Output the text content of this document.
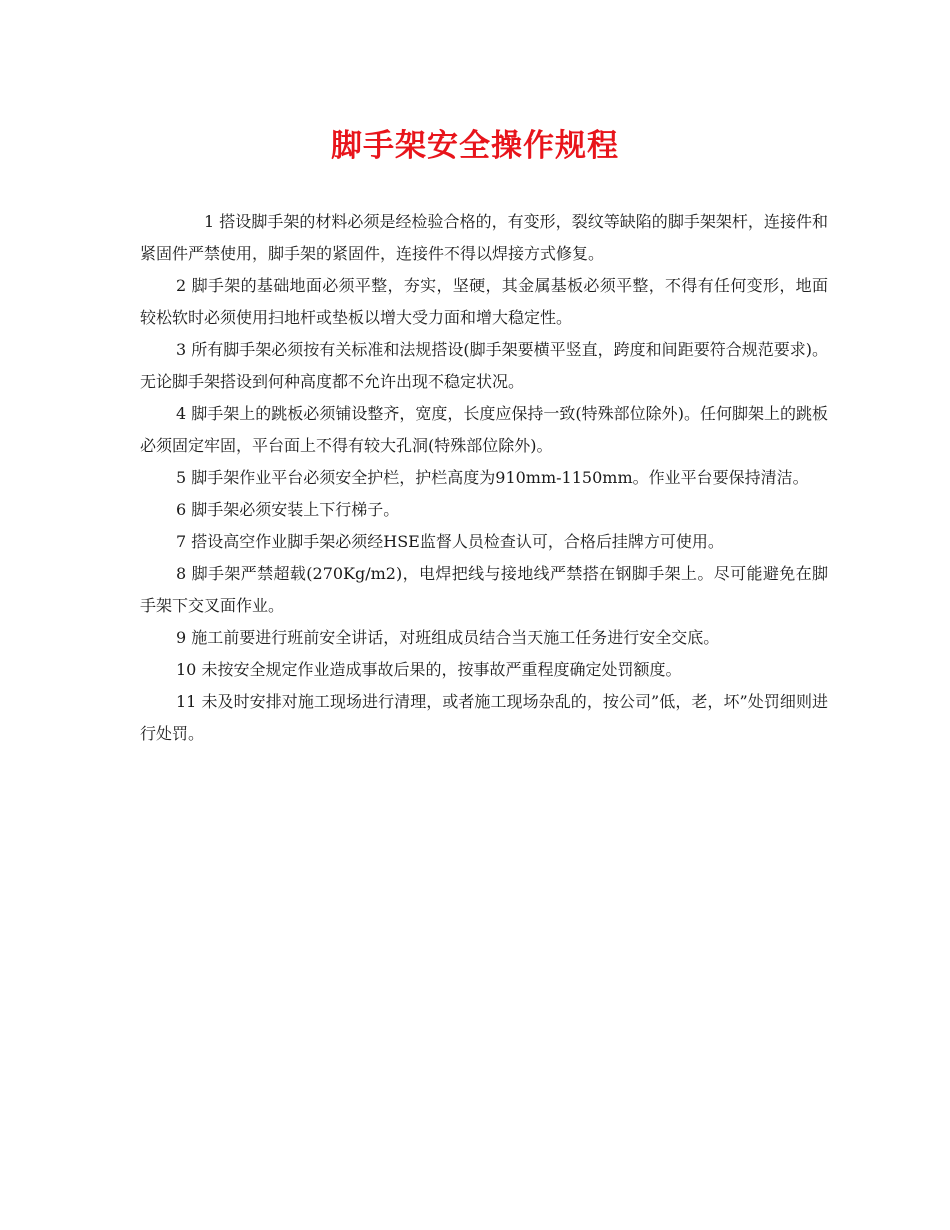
脚手架安全操作规程

1 搭设脚手架的材料必须是经检验合格的，有变形，裂纹等缺陷的脚手架架杆，连接件和紧固件严禁使用，脚手架的紧固件，连接件不得以焊接方式修复。

2 脚手架的基础地面必须平整，夯实，坚硬，其金属基板必须平整，不得有任何变形，地面较松软时必须使用扫地杆或垫板以增大受力面和增大稳定性。

3 所有脚手架必须按有关标准和法规搭设(脚手架要横平竖直，跨度和间距要符合规范要求)。无论脚手架搭设到何种高度都不允许出现不稳定状况。

4 脚手架上的跳板必须铺设整齐，宽度，长度应保持一致(特殊部位除外)。任何脚架上的跳板必须固定牢固，平台面上不得有较大孔洞(特殊部位除外)。

5 脚手架作业平台必须安全护栏，护栏高度为910mm-1150mm。作业平台要保持清洁。

6 脚手架必须安装上下行梯子。

7 搭设高空作业脚手架必须经HSE监督人员检查认可，合格后挂牌方可使用。

8 脚手架严禁超载(270Kg/m2)，电焊把线与接地线严禁搭在钢脚手架上。尽可能避免在脚手架下交叉面作业。

9 施工前要进行班前安全讲话，对班组成员结合当天施工任务进行安全交底。

10 未按安全规定作业造成事故后果的，按事故严重程度确定处罚额度。

11 未及时安排对施工现场进行清理，或者施工现场杂乱的，按公司”低，老，坏”处罚细则进行处罚。
